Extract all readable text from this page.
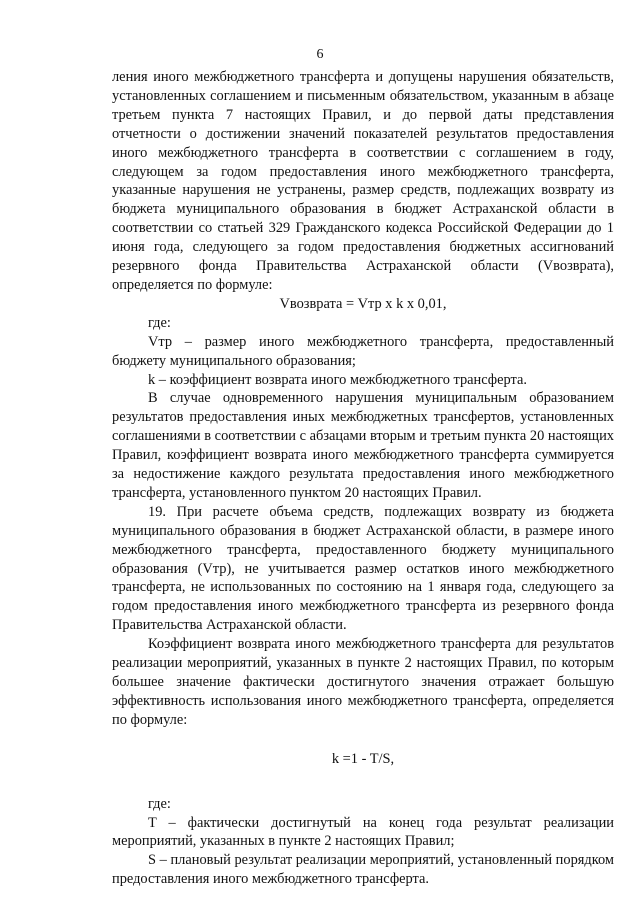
6

ления иного межбюджетного трансферта и допущены нарушения обязательств, установленных соглашением и письменным обязательством, указанным в абзаце третьем пункта 7 настоящих Правил, и до первой даты представления отчетности о достижении значений показателей результатов предоставления иного межбюджетного трансферта в соответствии с соглашением в году, следующем за годом предоставления иного межбюджетного трансферта, указанные нарушения не устранены, размер средств, подлежащих возврату из бюджета муниципального образования в бюджет Астраханской области в соответствии со статьей 329 Гражданского кодекса Российской Федерации до 1 июня года, следующего за годом предоставления бюджетных ассигнований резервного фонда Правительства Астраханской области (Vвозврата), определяется по формуле:

Vвозврата = Vтр x k x 0,01,

где:

Vтр – размер иного межбюджетного трансферта, предоставленный бюджету муниципального образования;

k – коэффициент возврата иного межбюджетного трансферта.

В случае одновременного нарушения муниципальным образованием результатов предоставления иных межбюджетных трансфертов, установленных соглашениями в соответствии с абзацами вторым и третьим пункта 20 настоящих Правил, коэффициент возврата иного межбюджетного трансферта суммируется за недостижение каждого результата предоставления иного межбюджетного трансферта, установленного пунктом 20 настоящих Правил.

19. При расчете объема средств, подлежащих возврату из бюджета муниципального образования в бюджет Астраханской области, в размере иного межбюджетного трансферта, предоставленного бюджету муниципального образования (Vтр), не учитывается размер остатков иного межбюджетного трансферта, не использованных по состоянию на 1 января года, следующего за годом предоставления иного межбюджетного трансферта из резервного фонда Правительства Астраханской области.

Коэффициент возврата иного межбюджетного трансферта для результатов реализации мероприятий, указанных в пункте 2 настоящих Правил, по которым большее значение фактически достигнутого значения отражает большую эффективность использования иного межбюджетного трансферта, определяется по формуле:

k =1 - T/S,

где:

T – фактически достигнутый на конец года результат реализации мероприятий, указанных в пункте 2 настоящих Правил;

S – плановый результат реализации мероприятий, установленный порядком предоставления иного межбюджетного трансферта.
